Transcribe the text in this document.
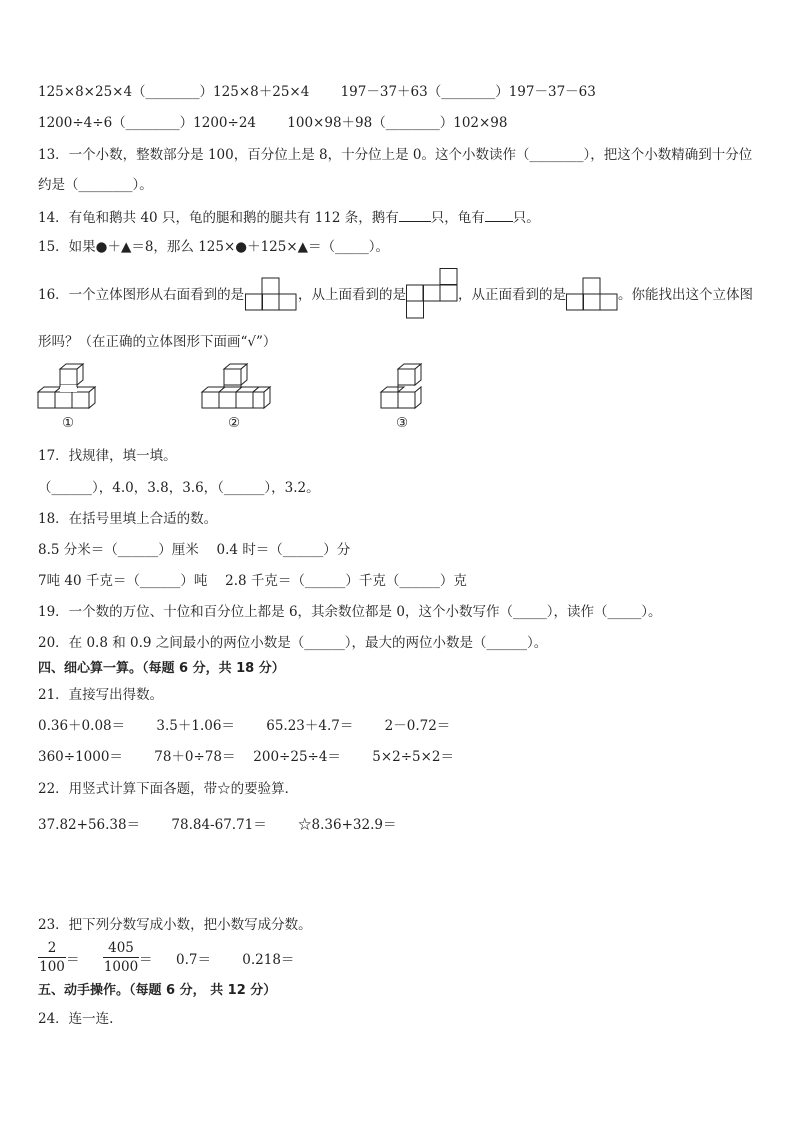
125×8×25×4（________）125×8＋25×4　　 197－37＋63（________）197－37－63
1200÷4÷6（________）1200÷24　　 100×98＋98（________）102×98
13．一个小数，整数部分是 100，百分位上是 8，十分位上是 0。这个小数读作（________），把这个小数精确到十分位
约是（________）。
14．有龟和鹅共 40 只，龟的腿和鹅的腿共有 112 条，鹅有 只，龟有 只。
15．如果●＋▲＝8，那么 125×●＋125×▲＝（_____）。
16．一个立体图形从右面看到的是	，从上面看到的是	，从正面看到的是	。你能找出这个立体图
形吗？（在正确的立体图形下面画“√”）
①	②	③
17．找规律，填一填。
（______），4.0，3.8，3.6，（______），3.2。
18．在括号里填上合适的数。
8.5 分米＝（______）厘米　 0.4 时＝（______）分
7吨 40 千克＝（______）吨　 2.8 千克＝（______）千克（______）克
19．一个数的万位、十位和百分位上都是 6，其余数位都是 0，这个小数写作（_____），读作（_____）。
20．在 0.8 和 0.9 之间最小的两位小数是（______），最大的两位小数是（______）。
四、细心算一算。（每题 6 分，共 18 分）
21．直接写出得数。
0.36＋0.08＝　　 3.5＋1.06＝　　 65.23＋4.7＝　　 2－0.72＝
360÷1000＝　　 78＋0÷78＝　 200÷25÷4＝　　 5×2÷5×2＝
22．用竖式计算下面各题，带☆的要验算．
37.82+56.38＝　　 78.84-67.71＝　　 ☆8.36+32.9＝
23．把下列分数写成小数，把小数写成分数。
2
100 ＝
405
1000 ＝ 0.7＝　　 0.218＝
五、动手操作。（每题 6 分， 共 12 分）
24．连一连.
